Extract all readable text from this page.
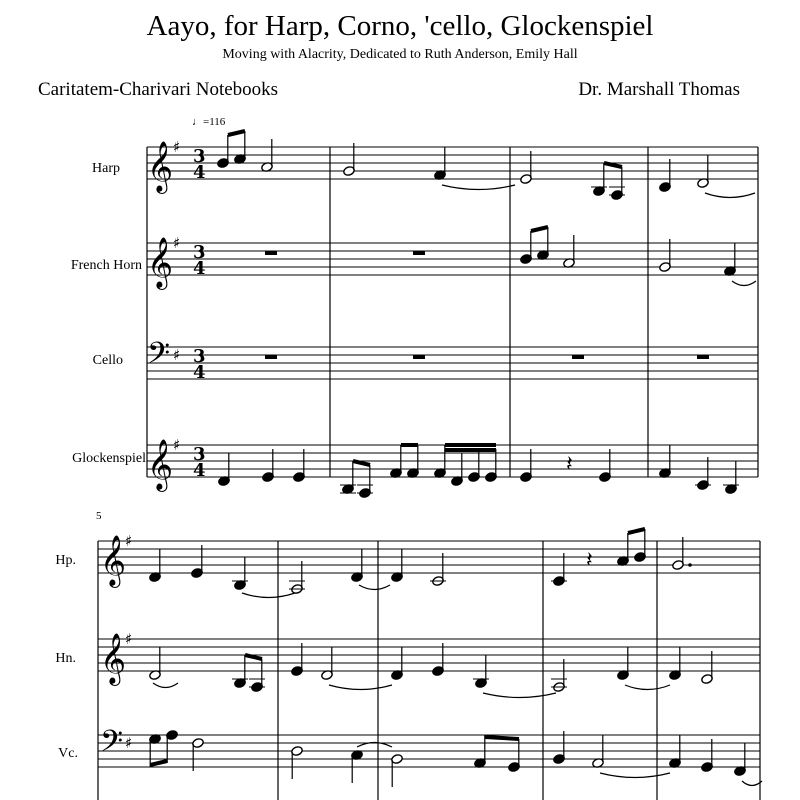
Aayo, for Harp, Corno, 'cello, Glockenspiel
Moving with Alacrity, Dedicated to Ruth Anderson, Emily Hall
Caritatem-Charivari Notebooks	Dr. Marshall Thomas
♩=116
Harp
French Horn
Cello
Glockenspiel
5
Hp.
Hn.
Vc.
𝄞
𝄞
𝄢
𝄞
♯
♯
♯
♯
3
4
3
4
3
4
3
4	𝄽
𝄞
𝄞
𝄢
♯
♯
♯
𝄽
